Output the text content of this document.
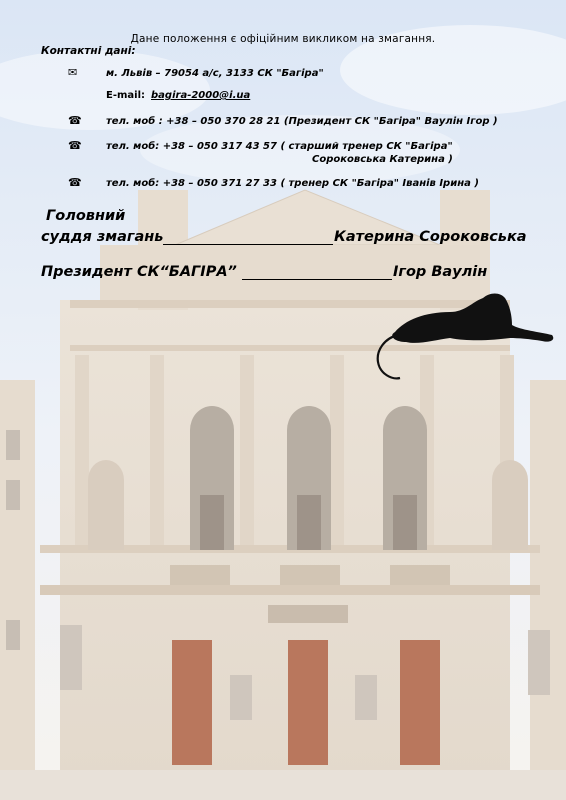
Дане положення є офіційним викликом на змагання.
Контактні дані:
✉	м. Львів – 79054 а/с, 3133 СК "Багіра"
E-mail: bagira-2000@i.ua
☎ тел. моб : +38 – 050 370 28 21 (Президент СК "Багіра" Ваулін Ігор )
☎ тел. моб: +38 – 050 317 43 57 ( старший тренер СК "Багіра"
Сороковська Катерина )
☎ тел. моб: +38 – 050 371 27 33 ( тренер СК "Багіра" Іванів Ірина )
Головний
суддя змагань	Катерина Сороковська
Президент СК“БАГІРА”	Ігор Ваулін
